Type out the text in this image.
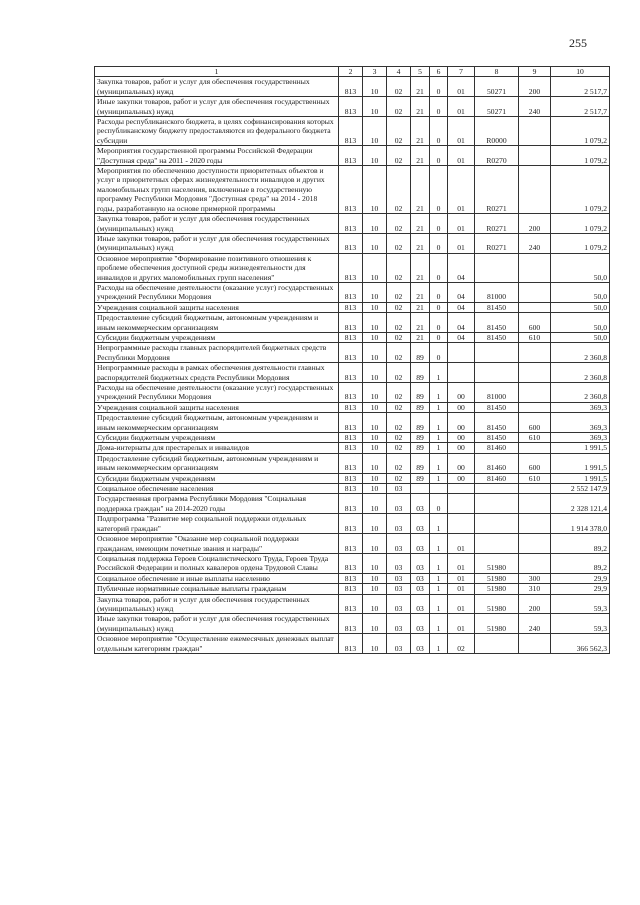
255
1	2	3	4	5	6	7	8	9	10
Закупка товаров, работ и услуг для обеспечения государственных (муниципальных) нужд	813	10	02	21	0	01	50271	200	2 517,7
Иные закупки товаров, работ и услуг для обеспечения государственных (муниципальных) нужд	813	10	02	21	0	01	50271	240	2 517,7
Расходы республиканского бюджета, в целях софинансирования которых республиканскому бюджету предоставляются из федерального бюджета субсидии	813	10	02	21	0	01	R0000		1 079,2
Мероприятия государственной программы Российской Федерации "Доступная среда" на 2011 - 2020 годы	813	10	02	21	0	01	R0270		1 079,2
Мероприятия по обеспечению доступности приоритетных объектов и услуг в приоритетных сферах жизнедеятельности инвалидов и других маломобильных групп населения, включенные в государственную программу Республики Мордовия "Доступная среда" на 2014 - 2018 годы, разработанную на основе примерной программы	813	10	02	21	0	01	R0271		1 079,2
Закупка товаров, работ и услуг для обеспечения государственных (муниципальных) нужд	813	10	02	21	0	01	R0271	200	1 079,2
Иные закупки товаров, работ и услуг для обеспечения государственных (муниципальных) нужд	813	10	02	21	0	01	R0271	240	1 079,2
Основное мероприятие "Формирование позитивного отношения к проблеме обеспечения доступной среды жизнедеятельности для инвалидов и других маломобильных групп населения"	813	10	02	21	0	04			50,0
Расходы на обеспечение деятельности (оказание услуг) государственных учреждений Республики Мордовия	813	10	02	21	0	04	81000		50,0
Учреждения социальной защиты населения	813	10	02	21	0	04	81450		50,0
Предоставление субсидий бюджетным, автономным учреждениям и иным некоммерческим организациям	813	10	02	21	0	04	81450	600	50,0
Субсидии бюджетным учреждениям	813	10	02	21	0	04	81450	610	50,0
Непрограммные расходы главных распорядителей бюджетных средств Республики Мордовия	813	10	02	89	0				2 360,8
Непрограммные расходы в рамках обеспечения деятельности главных распорядителей бюджетных средств Республики Мордовия	813	10	02	89	1				2 360,8
Расходы на обеспечение деятельности (оказание услуг) государственных учреждений Республики Мордовия	813	10	02	89	1	00	81000		2 360,8
Учреждения социальной защиты населения	813	10	02	89	1	00	81450		369,3
Предоставление субсидий бюджетным, автономным учреждениям и иным некоммерческим организациям	813	10	02	89	1	00	81450	600	369,3
Субсидии бюджетным учреждениям	813	10	02	89	1	00	81450	610	369,3
Дома-интернаты для престарелых и инвалидов	813	10	02	89	1	00	81460		1 991,5
Предоставление субсидий бюджетным, автономным учреждениям и иным некоммерческим организациям	813	10	02	89	1	00	81460	600	1 991,5
Субсидии бюджетным учреждениям	813	10	02	89	1	00	81460	610	1 991,5
Социальное обеспечение населения	813	10	03						2 552 147,9
Государственная программа Республики Мордовия "Социальная поддержка граждан" на 2014-2020 годы	813	10	03	03	0				2 328 121,4
Подпрограмма "Развитие мер социальной поддержки отдельных категорий граждан"	813	10	03	03	1				1 914 378,0
Основное мероприятие "Оказание мер социальной поддержки гражданам, имеющим почетные звания и награды"	813	10	03	03	1	01			89,2
Социальная поддержка Героев Социалистического Труда, Героев Труда Российской Федерации и полных кавалеров ордена Трудовой Славы	813	10	03	03	1	01	51980		89,2
Социальное обеспечение и иные выплаты населению	813	10	03	03	1	01	51980	300	29,9
Публичные нормативные социальные выплаты гражданам	813	10	03	03	1	01	51980	310	29,9
Закупка товаров, работ и услуг для обеспечения государственных (муниципальных) нужд	813	10	03	03	1	01	51980	200	59,3
Иные закупки товаров, работ и услуг для обеспечения государственных (муниципальных) нужд	813	10	03	03	1	01	51980	240	59,3
Основное мероприятие "Осуществление ежемесячных денежных выплат отдельным категориям граждан"	813	10	03	03	1	02			366 562,3
